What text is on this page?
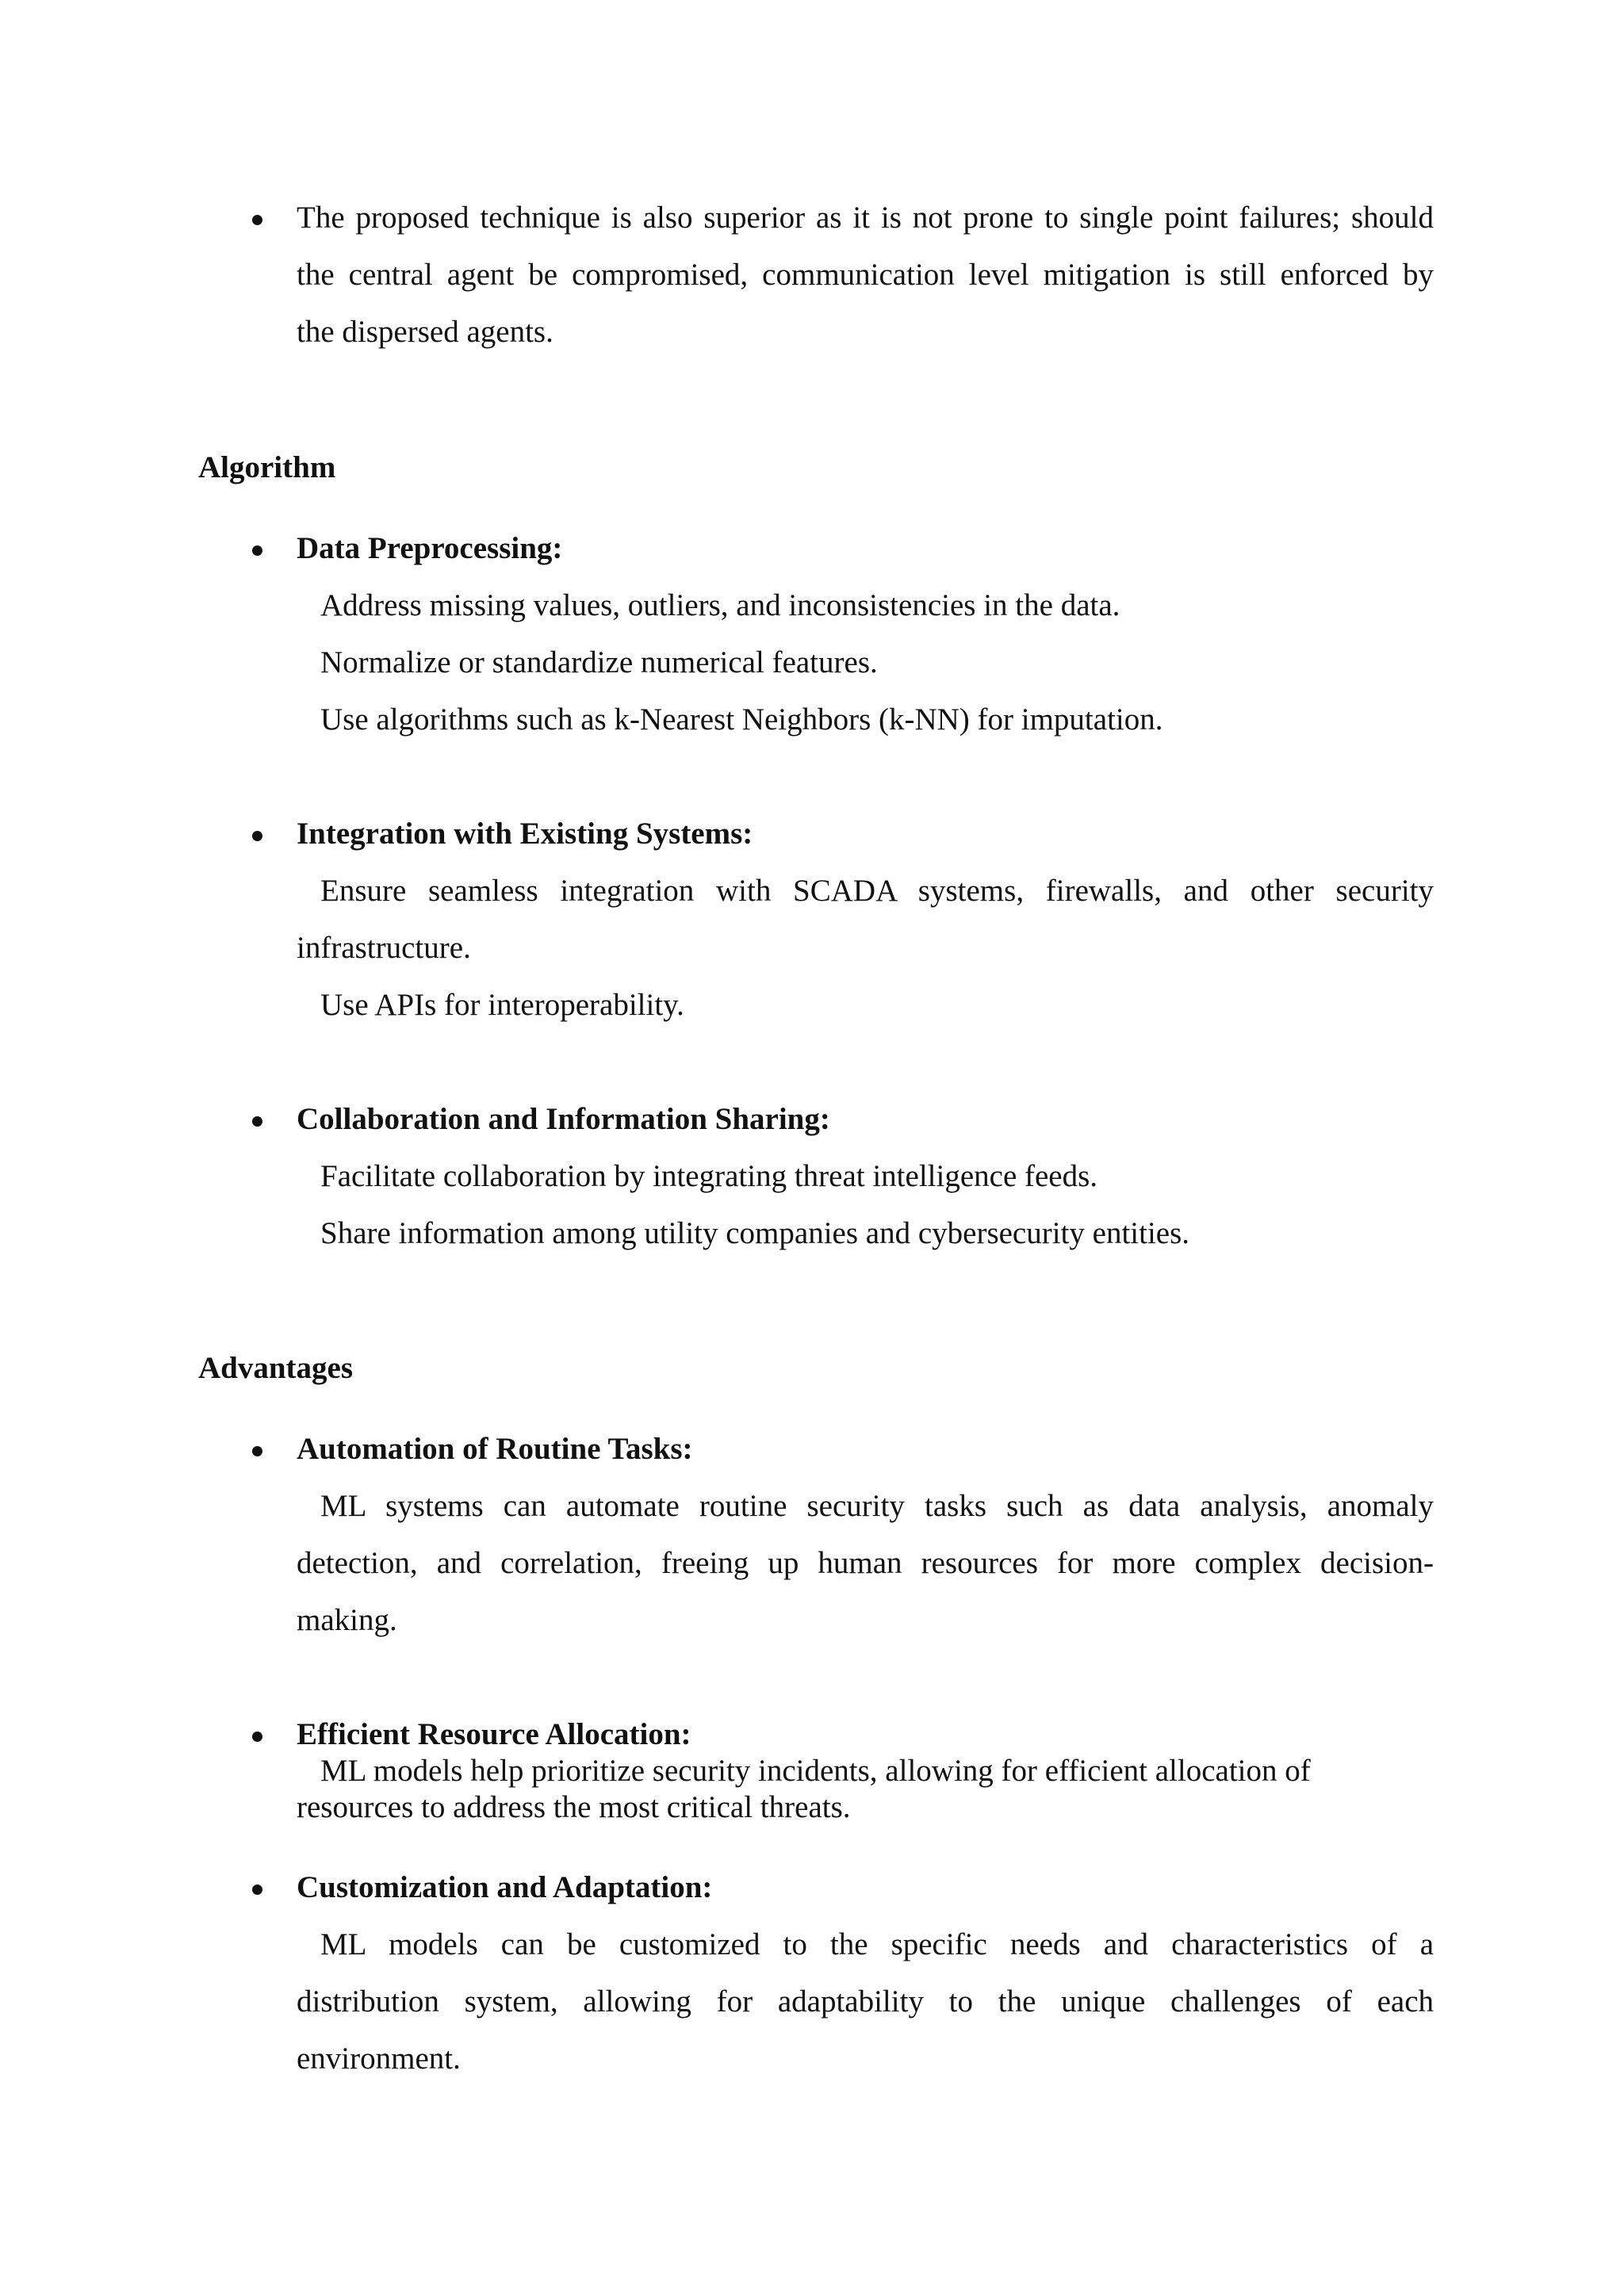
The proposed technique is also superior as it is not prone to single point failures; should
the central agent be compromised, communication level mitigation is still enforced by
the dispersed agents.
Algorithm
Data Preprocessing:
Address missing values, outliers, and inconsistencies in the data.
Normalize or standardize numerical features.
Use algorithms such as k-Nearest Neighbors (k-NN) for imputation.
Integration with Existing Systems:
Ensure seamless integration with SCADA systems, firewalls, and other security
infrastructure.
Use APIs for interoperability.
Collaboration and Information Sharing:
Facilitate collaboration by integrating threat intelligence feeds.
Share information among utility companies and cybersecurity entities.
Advantages
Automation of Routine Tasks:
ML systems can automate routine security tasks such as data analysis, anomaly
detection, and correlation, freeing up human resources for more complex decision-
making.
Efficient Resource Allocation:
ML models help prioritize security incidents, allowing for efficient allocation of
resources to address the most critical threats.
Customization and Adaptation:
ML models can be customized to the specific needs and characteristics of a
distribution system, allowing for adaptability to the unique challenges of each
environment.
